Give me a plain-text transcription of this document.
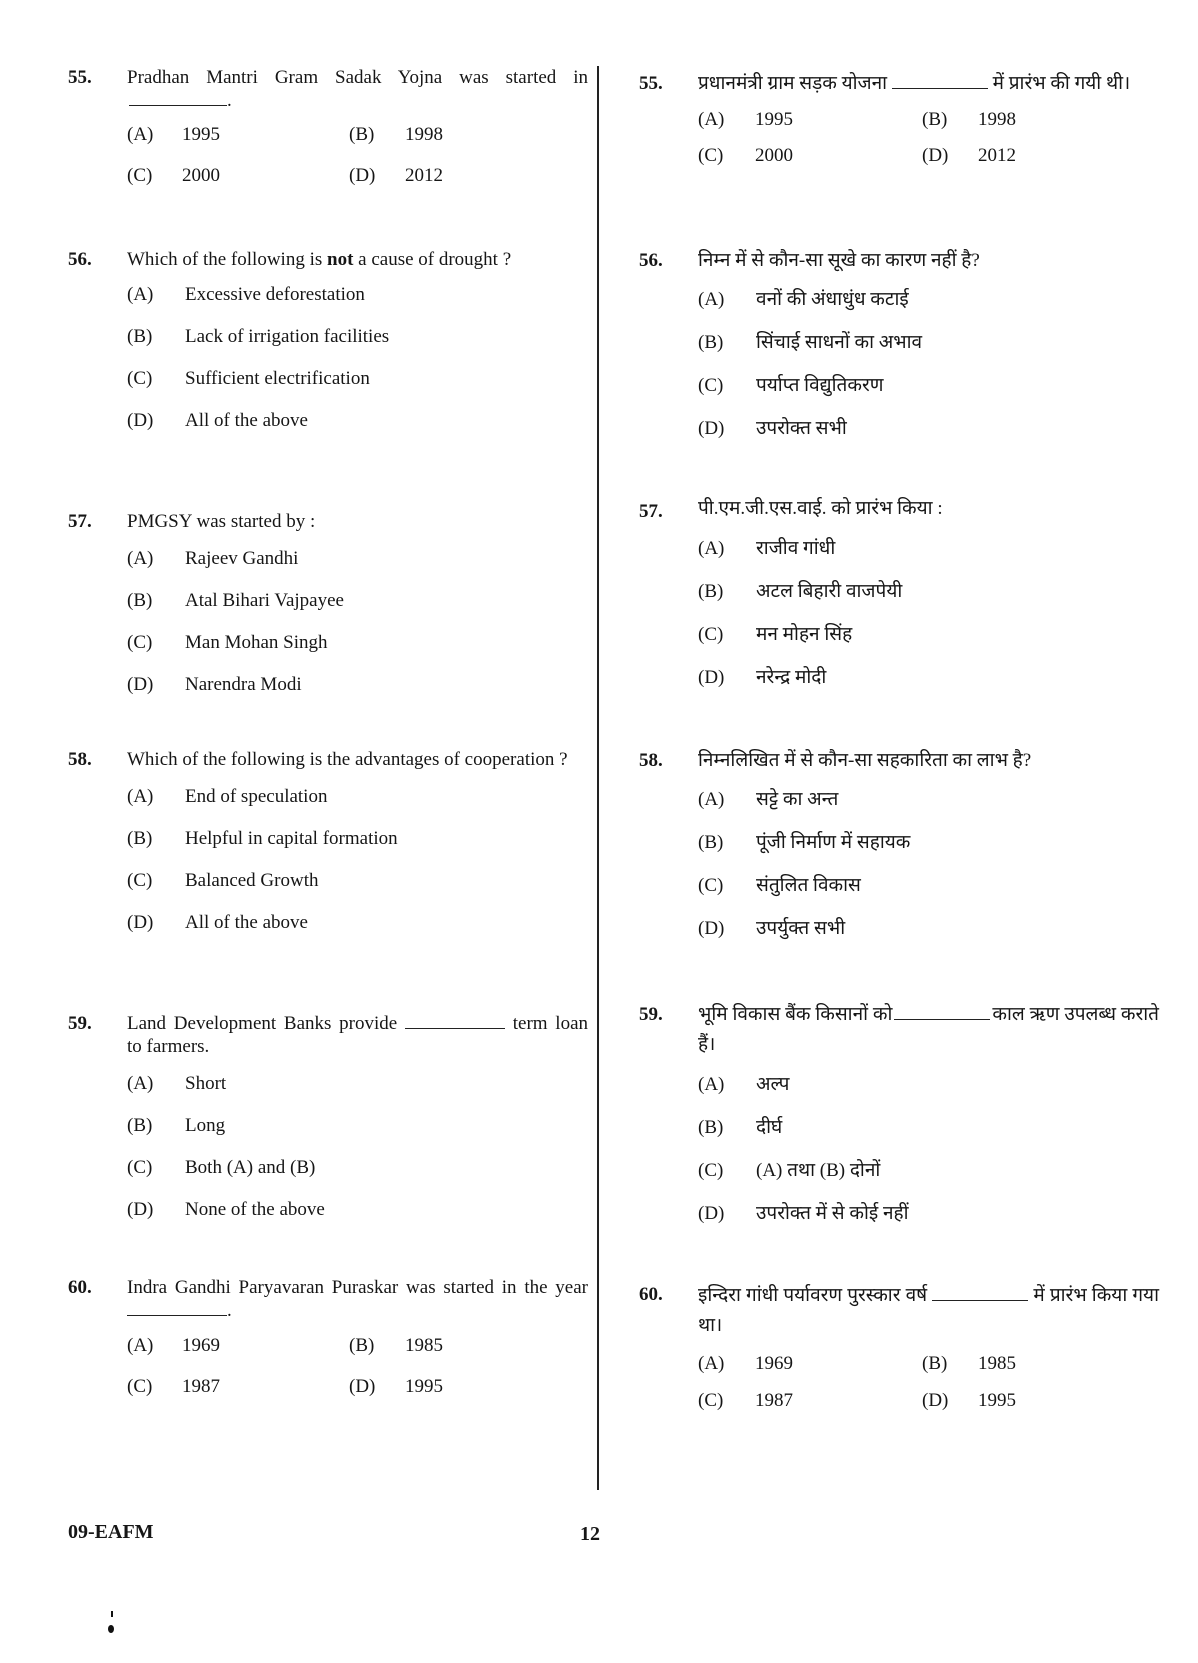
55. Pradhan Mantri Gram Sadak Yojna was started in.
(A) 1995	(B) 1998
(C) 2000	(D) 2012
56. Which of the following is not a cause of drought ?
(A) Excessive deforestation
(B) Lack of irrigation facilities
(C) Sufficient electrification
(D) All of the above
57. PMGSY was started by :
(A) Rajeev Gandhi
(B) Atal Bihari Vajpayee
(C) Man Mohan Singh
(D) Narendra Modi
58. Which of the following is the advantages of cooperation ?
(A) End of speculation
(B) Helpful in capital formation
(C) Balanced Growth
(D) All of the above
59. Land Development Banks provide	term loan to farmers.
(A) Short
(B) Long
(C) Both (A) and (B)
(D) None of the above
60. Indra Gandhi Paryavaran Puraskar was started in the year .
(A) 1969	(B) 1985
(C) 1987	(D) 1995
55. प्रधानमंत्री ग्राम सड़क योजना	में प्रारंभ की गयी थी।
(A) 1995	(B) 1998
(C) 2000	(D) 2012
56. निम्न में से कौन-सा सूखे का कारण नहीं है?
(A) वनों की अंधाधुंध कटाई
(B) सिंचाई साधनों का अभाव
(C) पर्याप्त विद्युतिकरण
(D) उपरोक्त सभी
57. पी.एम.जी.एस.वाई. को प्रारंभ किया :
(A) राजीव गांधी
(B) अटल बिहारी वाजपेयी
(C) मन मोहन सिंह
(D) नरेन्द्र मोदी
58. निम्नलिखित में से कौन-सा सहकारिता का लाभ है?
(A) सट्टे का अन्त
(B) पूंजी निर्माण में सहायक
(C) संतुलित विकास
(D) उपर्युक्त सभी
59. भूमि विकास बैंक किसानों को	काल ऋण उपलब्ध कराते हैं।
(A) अल्प
(B) दीर्घ
(C) (A) तथा (B) दोनों
(D) उपरोक्त में से कोई नहीं
60. इन्दिरा गांधी पर्यावरण पुरस्कार वर्ष	में प्रारंभ किया गया था।
(A) 1969	(B) 1985
(C) 1987	(D) 1995
09-EAFM	12
